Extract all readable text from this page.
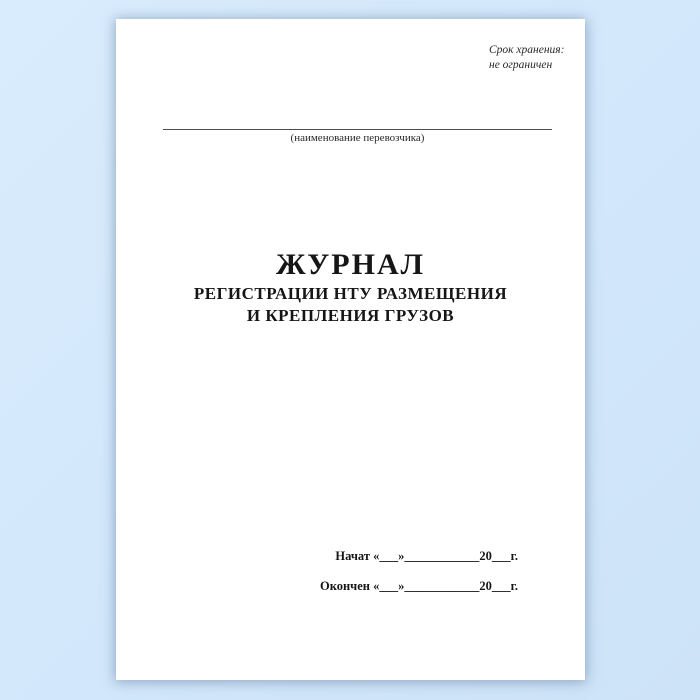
Срок хранения:
не ограничен
(наименование перевозчика)
ЖУРНАЛ

РЕГИСТРАЦИИ НТУ РАЗМЕЩЕНИЯ
И КРЕПЛЕНИЯ ГРУЗОВ

Начат «___»____________20___г.
Окончен «___»____________20___г.
